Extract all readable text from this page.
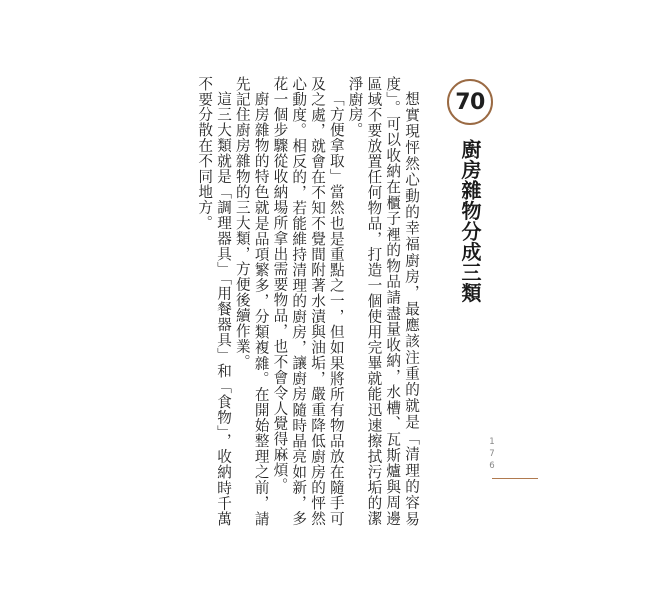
70
廚房雜物分成三類
176

想實現怦然心動的幸福廚房，最應該注重的就是「清理的容易度」。可以收納在櫃子裡的物品請盡量收納，水槽、瓦斯爐與周邊區域不要放置任何物品，打造一個使用完畢就能迅速擦拭污垢的潔淨廚房。

「方便拿取」當然也是重點之一，但如果將所有物品放在隨手可及之處，就會在不知不覺間附著水漬與油垢，嚴重降低廚房的怦然心動度。相反的，若能維持清理的廚房，讓廚房隨時晶亮如新，多花一個步驟從收納場所拿出需要物品，也不會令人覺得麻煩。

廚房雜物的特色就是品項繁多，分類複雜。在開始整理之前，請先記住廚房雜物的三大類，方便後續作業。

這三大類就是「調理器具」「用餐器具」和「食物」，收納時千萬不要分散在不同地方。
